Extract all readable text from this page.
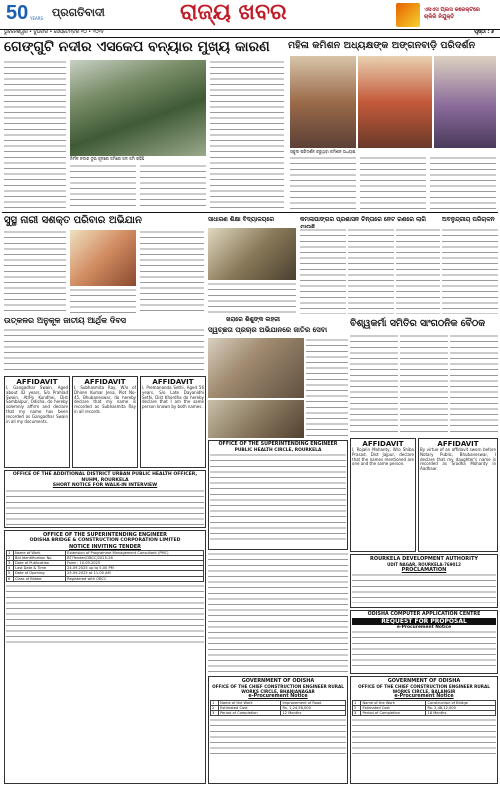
50 YEARS ପ୍ରଗତିବାଦୀ	ରାଜ୍ୟ ଖବର	ଏସଏସ ପ୍ଲସ କରେକ୍ଟରେ ଚାକିରି ନିଯୁକ୍ତି
ଭୁବନେଶ୍ୱର • ବୁଧବାର • ସେପ୍ଟେମ୍ବର ୧୦ • ୨୦୨୫	ପୃଷ୍ଠା : ୬
ଗେଙ୍ଗୁଟି ନଦୀର ଏସକେପ ବନ୍ୟାର ମୁଖ୍ୟ କାରଣ
ନିର୍ମଳ ନଦୀର ଦୁଇ କୂଳରେ ଜମିରେ ଜଳ ଜମି ରହିଛି
ମହିଳା କମିଶନ ଅଧ୍ୟକ୍ଷଙ୍କ ଅଙ୍ଗନବାଡ଼ି ପରିଦର୍ଶନ
ସ୍କୁଲ ପରିଦର୍ଶନ କରୁଥିବା କମିଶନ ଅଧ୍ୟକ୍ଷ
ସୁସ୍ଥ ନାରୀ ସଶକ୍ତ ପରିବାର ଅଭିଯାନ	ସାଧାରଣ ଶିକ୍ଷା ବିଦ୍ୟାଳୟରେ	କମଳାପାଙ୍ଗର ପ୍ରଶାସନ ଚିନ୍ତାରେ ନେଟ ରଣରେ ଲାଗି	ଅବନୁନ୍ଦ୍ରୀୟ ପରିଚାଳନ
ଉତ୍କଳର ଅନୁକୂଳ ଜାତୀୟ ଆର୍ଥିକ ଦିବସ	ଖରାରେ ଶିଶୁଙ୍କ ଲହରୀ
ସ୍ୱଚ୍ଛତା ପ୍ରଚାର ଅଭିଯାନରେ ଜାତିର ସେବା
ବିଶ୍ୱକର୍ମା ସମିତିର ସାଂଗଠନିକ ବୈଠକ
AFFIDAVIT
I, Gangadhar Swain, Aged about 42 years, S/o Prahlad Swain, At/Po Kundhei, Dist Sambalpur, Odisha, do hereby solemnly affirm and declare that my name has been recorded as Gangadhar Swain in all my documents.
AFFIDAVIT
I, Subhasmita Ray, W/o of Dhiren Kumar Jena, Plot No-45, Bhubaneswar, do hereby declare that my name is recorded as Subhasmita Ray in all records.
AFFIDAVIT
I, Premananda Sethi, Aged 56 years, S/o Late Dayanidhi Sethi, Dist Khordha do hereby declare that I am the same person known by both names.
OFFICE OF THE ADDITIONAL DISTRICT URBAN PUBLIC HEALTH OFFICER, NUHM, ROURKELA
SHORT NOTICE FOR WALK-IN INTERVIEW
OFFICE OF THE SUPERINTENDING ENGINEER
ODISHA BRIDGE & CONSTRUCTION CORPORATION LIMITED
NOTICE INVITING TENDER
1	Name of Work	Extension of Programme Management Consultant (PMC)
2	Bid Identification No	BT/Tender/OBCC/2025-26
3	Date of Publication	From : 10.09.2025
4	Last Date & Time	24.09.2025 up to 5.00 PM
5	Date of Opening	25.09.2025 at 11.00 AM
6	Class of Bidder	Registered with OBCC
OFFICE OF THE SUPERINTENDING ENGINEER
PUBLIC HEALTH CIRCLE, ROURKELA
ROURKELA DEVELOPMENT AUTHORITY
UDIT NAGAR, ROURKELA-769012
PROCLAMATION
AFFIDAVIT
I, Rojalin Mohanty, W/o Shiba Prasad, Dist Jajpur, declare that the names mentioned are one and the same person.
AFFIDAVIT
By virtue of an affidavit sworn before Notary Public, Bhubaneswar, I declare that my daughter's name is recorded as Sradha Mohanty in Aadhaar.
ODISHA COMPUTER APPLICATION CENTRE
REQUEST FOR PROPOSAL
e-Procurement Notice
GOVERNMENT OF ODISHA
OFFICE OF THE CHIEF CONSTRUCTION ENGINEER RURAL WORKS CIRCLE, BHANJANAGAR
e-Procurement Notice
1	Name of the Work	Improvement of Road
2	Estimated Cost	Rs. 1,24,56,000
3	Period of Completion	12 Months
GOVERNMENT OF ODISHA
OFFICE OF THE CHIEF CONSTRUCTION ENGINEER RURAL WORKS CIRCLE, BALANGIR
e-Procurement Notice
1	Name of the Work	Construction of Bridge
2	Estimated Cost	Rs. 2,48,12,000
3	Period of Completion	18 Months
